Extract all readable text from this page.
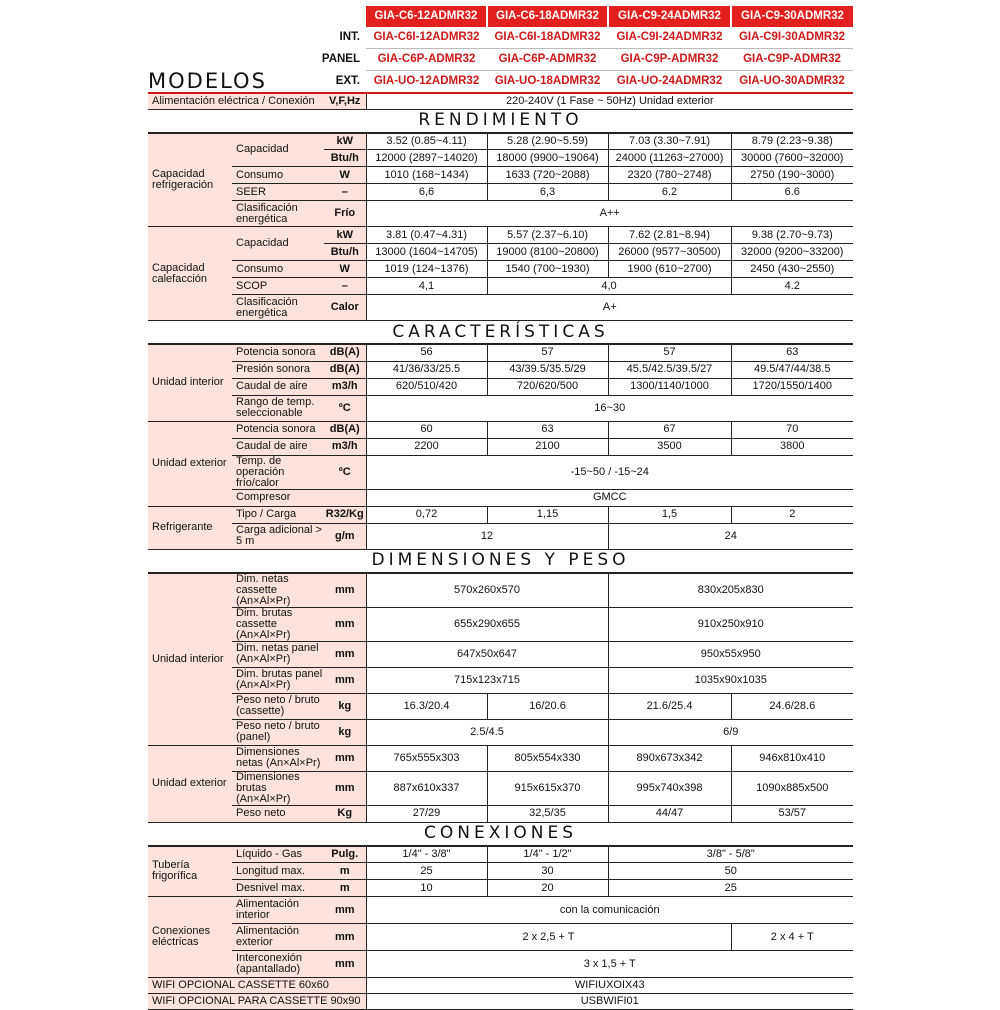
			GIA-C6-12ADMR32	GIA-C6-18ADMR32	GIA-C9-24ADMR32	GIA-C9-30ADMR32
INT.			GIA-C6I-12ADMR32	GIA-C6I-18ADMR32	GIA-C9I-24ADMR32	GIA-C9I-30ADMR32
PANEL			GIA-C6P-ADMR32	GIA-C6P-ADMR32	GIA-C9P-ADMR32	GIA-C9P-ADMR32
MODELOS		EXT.	GIA-UO-12ADMR32	GIA-UO-18ADMR32	GIA-UO-24ADMR32	GIA-UO-30ADMR32
Alimentación eléctrica / Conexión		V,F,Hz	220-240V (1 Fase ~ 50Hz) Unidad exterior			
RENDIMIENTO						
Capacidad refrigeración	Capacidad	kW	3.52 (0.85~4.11)	5.28 (2.90~5.59)	7.03 (3.30~7.91)	8.79 (2.23~9.38)
		Btu/h	12000 (2897~14020)	18000 (9900~19064)	24000 (11263~27000)	30000 (7600~32000)
	Consumo	W	1010 (168~1434)	1633 (720~2088)	2320 (780~2748)	2750 (190~3000)
	SEER	–	6,6	6,3	6.2	6.6
	Clasificación energética	Frío	A++			
Capacidad calefacción	Capacidad	kW	3.81 (0.47~4.31)	5.57 (2.37~6.10)	7.62 (2.81~8.94)	9.38 (2.70~9.73)
		Btu/h	13000 (1604~14705)	19000 (8100~20800)	26000 (9577~30500)	32000 (9200~33200)
	Consumo	W	1019 (124~1376)	1540 (700~1930)	1900 (610~2700)	2450 (430~2550)
	SCOP	–	4,1	4,0		4.2
	Clasificación energética	Calor	A+			
CARACTERÍSTICAS						
Unidad interior	Potencia sonora	dB(A)	56	57	57	63
	Presión sonora	dB(A)	41/36/33/25.5	43/39.5/35.5/29	45.5/42.5/39.5/27	49.5/47/44/38.5
	Caudal de aire	m3/h	620/510/420	720/620/500	1300/1140/1000	1720/1550/1400
	Rango de temp. seleccionable	ºC	16~30			
Unidad exterior	Potencia sonora	dB(A)	60	63	67	70
	Caudal de aire	m3/h	2200	2100	3500	3800
	Temp. de operación frío/calor	ºC	-15~50 / -15~24			
	Compresor		GMCC			
Refrigerante	Tipo / Carga	R32/Kg	0,72	1,15	1,5	2
	Carga adicional > 5 m	g/m	12		24	
DIMENSIONES Y PESO						
Unidad interior	Dim. netas cassette (An×Al×Pr)	mm	570x260x570		830x205x830	
	Dim. brutas cassette (An×Al×Pr)	mm	655x290x655		910x250x910	
	Dim. netas panel (An×Al×Pr)	mm	647x50x647		950x55x950	
	Dim. brutas panel (An×Al×Pr)	mm	715x123x715		1035x90x1035	
	Peso neto / bruto (cassette)	kg	16.3/20.4	16/20.6	21.6/25.4	24.6/28.6
	Peso neto / bruto (panel)	kg	2.5/4.5		6/9	
Unidad exterior	Dimensiones netas (An×Al×Pr)	mm	765x555x303	805x554x330	890x673x342	946x810x410
	Dimensiones brutas (An×Al×Pr)	mm	887x610x337	915x615x370	995x740x398	1090x885x500
	Peso neto	Kg	27/29	32,5/35	44/47	53/57
CONEXIONES						
Tubería frigorífica	Líquido - Gas	Pulg.	1/4" - 3/8"	1/4" - 1/2"	3/8" - 5/8"	
	Longitud max.	m	25	30	50	
	Desnivel max.	m	10	20	25	
Conexiones eléctricas	Alimentación interior	mm	con la comunicación			
	Alimentación exterior	mm	2 x 2,5 + T			2 x 4 + T
	Interconexión (apantallado)	mm	3 x 1,5 + T			
WIFI OPCIONAL CASSETTE 60x60			WIFIUXOIX43			
WIFI OPCIONAL PARA CASSETTE 90x90			USBWIFI01			
